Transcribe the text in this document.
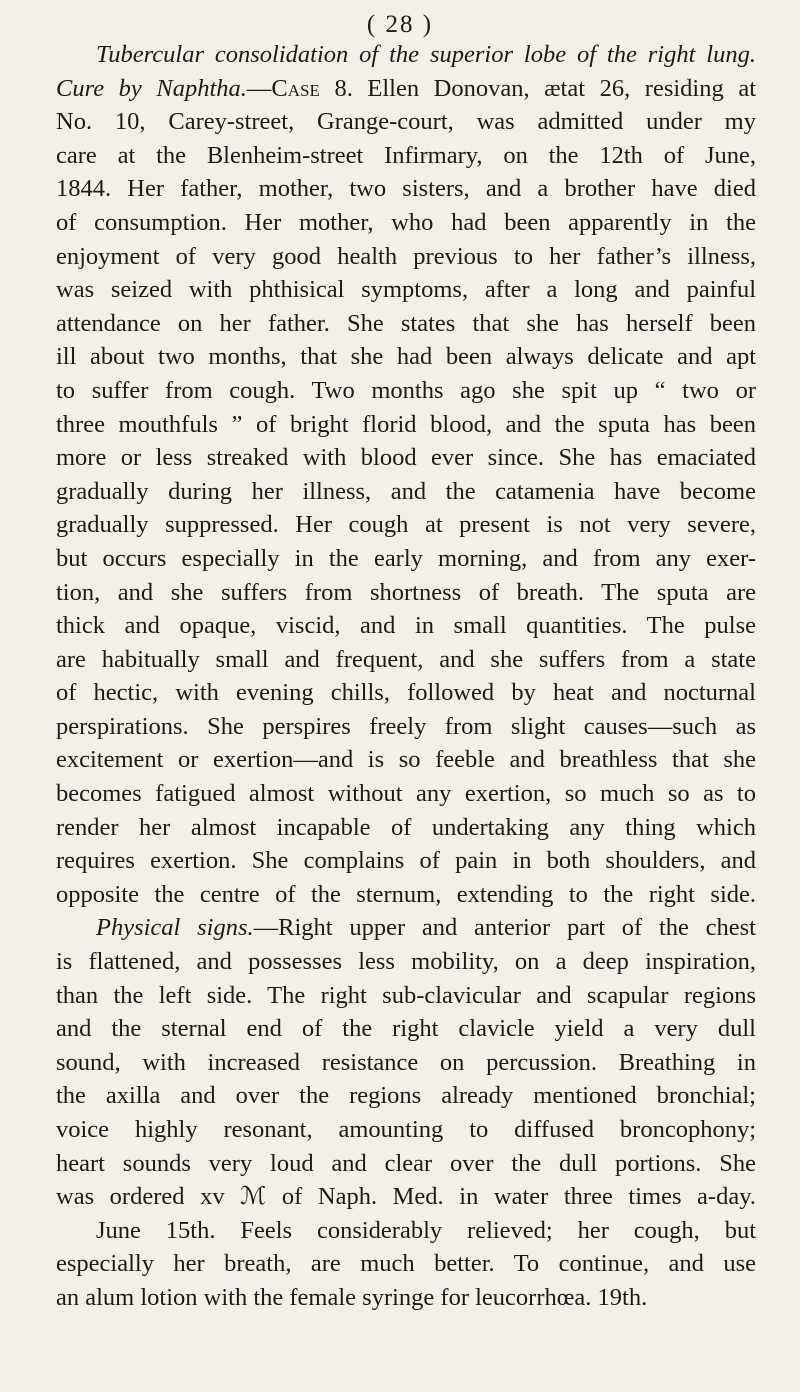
( 28 )
Tubercular consolidation of the superior lobe of the right lung.
Cure by Naphtha.—Case 8. Ellen Donovan, ætat 26, residing at
No. 10, Carey-street, Grange-court, was admitted under my
care at the Blenheim-street Infirmary, on the 12th of June,
1844. Her father, mother, two sisters, and a brother have died
of consumption. Her mother, who had been apparently in the
enjoyment of very good health previous to her father’s illness,
was seized with phthisical symptoms, after a long and painful
attendance on her father. She states that she has herself been
ill about two months, that she had been always delicate and apt
to suffer from cough. Two months ago she spit up “ two or
three mouthfuls ” of bright florid blood, and the sputa has been
more or less streaked with blood ever since. She has emaciated
gradually during her illness, and the catamenia have become
gradually suppressed. Her cough at present is not very severe,
but occurs especially in the early morning, and from any exer-
tion, and she suffers from shortness of breath. The sputa are
thick and opaque, viscid, and in small quantities. The pulse
are habitually small and frequent, and she suffers from a state
of hectic, with evening chills, followed by heat and nocturnal
perspirations. She perspires freely from slight causes—such as
excitement or exertion—and is so feeble and breathless that she
becomes fatigued almost without any exertion, so much so as to
render her almost incapable of undertaking any thing which
requires exertion. She complains of pain in both shoulders, and
opposite the centre of the sternum, extending to the right side.
Physical signs.—Right upper and anterior part of the chest
is flattened, and possesses less mobility, on a deep inspiration,
than the left side. The right sub-clavicular and scapular regions
and the sternal end of the right clavicle yield a very dull
sound, with increased resistance on percussion. Breathing in
the axilla and over the regions already mentioned bronchial;
voice highly resonant, amounting to diffused broncophony;
heart sounds very loud and clear over the dull portions. She
was ordered xv ℳ of Naph. Med. in water three times a-day.
June 15th. Feels considerably relieved; her cough, but
especially her breath, are much better. To continue, and use
an alum lotion with the female syringe for leucorrhœa. 19th.
